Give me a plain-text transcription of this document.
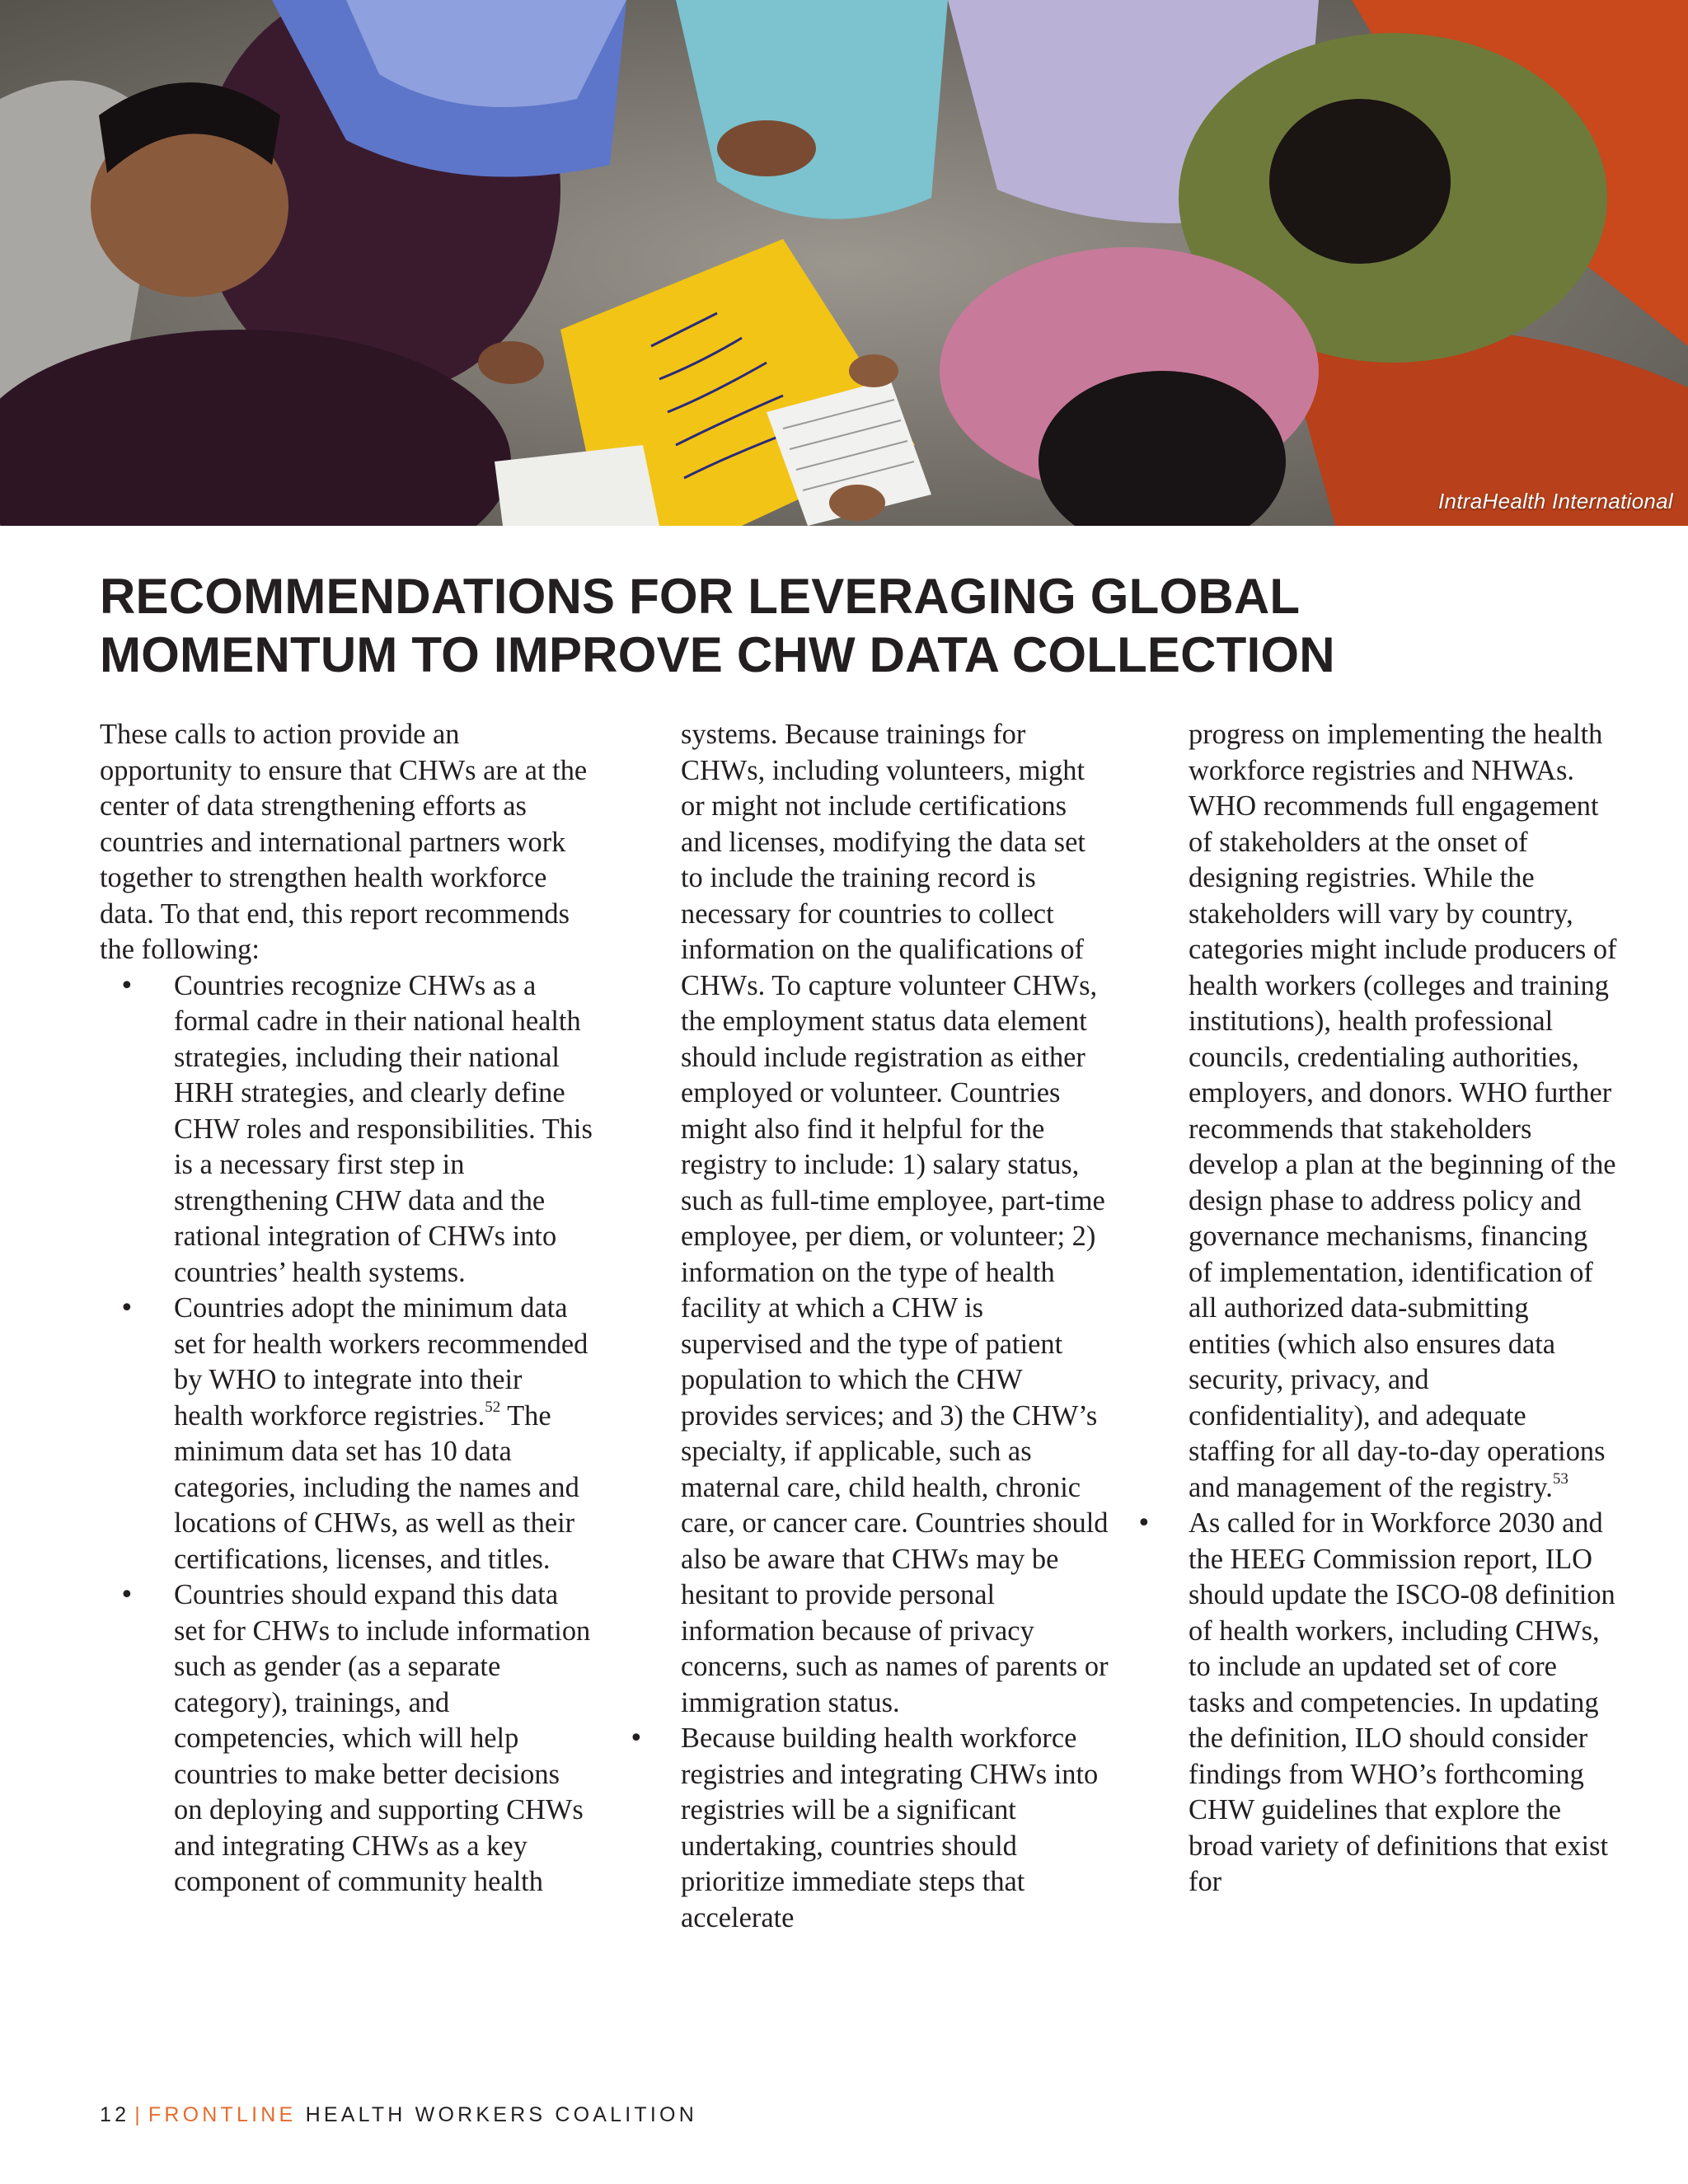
IntraHealth International
RECOMMENDATIONS FOR LEVERAGING GLOBAL
MOMENTUM TO IMPROVE CHW DATA COLLECTION

These calls to action provide an opportunity to ensure that CHWs are at the center of data strengthening efforts as countries and international partners work together to strengthen health workforce data. To that end, this report recommends the following:

• Countries recognize CHWs as a formal cadre in their national health strategies, including their national HRH strategies, and clearly define CHW roles and responsibilities. This is a necessary first step in strengthening CHW data and the rational integration of CHWs into countries’ health systems.
• Countries adopt the minimum data set for health workers recommended by WHO to integrate into their health workforce registries.$^{52}$ The minimum data set has 10 data categories, including the names and locations of CHWs, as well as their certifications, licenses, and titles.
• Countries should expand this data set for CHWs to include information such as gender (as a separate category), trainings, and competencies, which will help countries to make better decisions on deploying and supporting CHWs and integrating CHWs as a key component of community health

systems. Because trainings for CHWs, including volunteers, might or might not include certifications and licenses, modifying the data set to include the training record is necessary for countries to collect information on the qualifications of CHWs. To capture volunteer CHWs, the employment status data element should include registration as either employed or volunteer. Countries might also find it helpful for the registry to include: 1) salary status, such as full-time employee, part-time employee, per diem, or volunteer; 2) information on the type of health facility at which a CHW is supervised and the type of patient population to which the CHW provides services; and 3) the CHW’s specialty, if applicable, such as maternal care, child health, chronic care, or cancer care. Countries should also be aware that CHWs may be hesitant to provide personal information because of privacy concerns, such as names of parents or immigration status.

• Because building health workforce registries and integrating CHWs into registries will be a significant undertaking, countries should prioritize immediate steps that accelerate

progress on implementing the health workforce registries and NHWAs. WHO recommends full engagement of stakeholders at the onset of designing registries. While the stakeholders will vary by country, categories might include producers of health workers (colleges and training institutions), health professional councils, credentialing authorities, employers, and donors. WHO further recommends that stakeholders develop a plan at the beginning of the design phase to address policy and governance mechanisms, financing of implementation, identification of all authorized data-submitting entities (which also ensures data security, privacy, and confidentiality), and adequate staffing for all day-to-day operations and management of the registry.$^{53}$

• As called for in Workforce 2030 and the HEEG Commission report, ILO should update the ISCO-08 definition of health workers, including CHWs, to include an updated set of core tasks and competencies. In updating the definition, ILO should consider findings from WHO’s forthcoming CHW guidelines that explore the broad variety of definitions that exist for
12 | FRONTLINE HEALTH WORKERS COALITION
